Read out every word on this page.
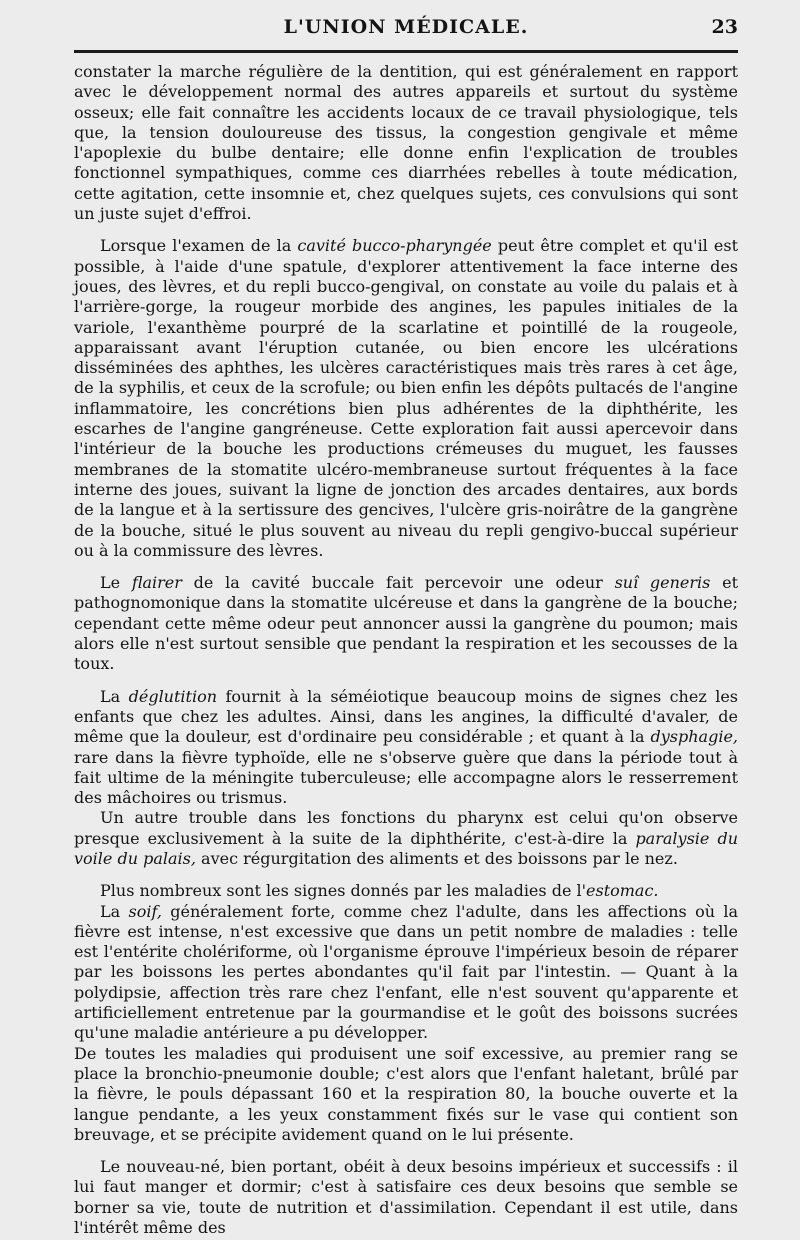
L'UNION MÉDICALE.	23

constater la marche régulière de la dentition, qui est généralement en rapport avec le développement normal des autres appareils et surtout du système osseux; elle fait connaître les accidents locaux de ce travail physiologique, tels que, la tension douloureuse des tissus, la congestion gengivale et même l'apoplexie du bulbe dentaire; elle donne enfin l'explication de troubles fonctionnel sympathiques, comme ces diarrhées rebelles à toute médication, cette agitation, cette insomnie et, chez quelques sujets, ces convulsions qui sont un juste sujet d'effroi.

Lorsque l'examen de la cavité bucco-pharyngée peut être complet et qu'il est possible, à l'aide d'une spatule, d'explorer attentivement la face interne des joues, des lèvres, et du repli bucco-gengival, on constate au voile du palais et à l'arrière-gorge, la rougeur morbide des angines, les papules initiales de la variole, l'exanthème pourpré de la scarlatine et pointillé de la rougeole, apparaissant avant l'éruption cutanée, ou bien encore les ulcérations disséminées des aphthes, les ulcères caractéristiques mais très rares à cet âge, de la syphilis, et ceux de la scrofule; ou bien enfin les dépôts pultacés de l'angine inflammatoire, les concrétions bien plus adhérentes de la diphthérite, les escarhes de l'angine gangréneuse. Cette exploration fait aussi apercevoir dans l'intérieur de la bouche les productions crémeuses du muguet, les fausses membranes de la stomatite ulcéro-membraneuse surtout fréquentes à la face interne des joues, suivant la ligne de jonction des arcades dentaires, aux bords de la langue et à la sertissure des gencives, l'ulcère gris-noirâtre de la gangrène de la bouche, situé le plus souvent au niveau du repli gengivo-buccal supérieur ou à la commissure des lèvres.

Le flairer de la cavité buccale fait percevoir une odeur suî generis et pathognomonique dans la stomatite ulcéreuse et dans la gangrène de la bouche; cependant cette même odeur peut annoncer aussi la gangrène du poumon; mais alors elle n'est surtout sensible que pendant la respiration et les secousses de la toux.

La déglutition fournit à la séméiotique beaucoup moins de signes chez les enfants que chez les adultes. Ainsi, dans les angines, la difficulté d'avaler, de même que la douleur, est d'ordinaire peu considérable ; et quant à la dysphagie, rare dans la fièvre typhoïde, elle ne s'observe guère que dans la période tout à fait ultime de la méningite tuberculeuse; elle accompagne alors le resserrement des mâchoires ou trismus.

Un autre trouble dans les fonctions du pharynx est celui qu'on observe presque exclusivement à la suite de la diphthérite, c'est-à-dire la paralysie du voile du palais, avec régurgitation des aliments et des boissons par le nez.

Plus nombreux sont les signes donnés par les maladies de l'estomac.

La soif, généralement forte, comme chez l'adulte, dans les affections où la fièvre est intense, n'est excessive que dans un petit nombre de maladies : telle est l'entérite cholériforme, où l'organisme éprouve l'impérieux besoin de réparer par les boissons les pertes abondantes qu'il fait par l'intestin. — Quant à la polydipsie, affection très rare chez l'enfant, elle n'est souvent qu'apparente et artificiellement entretenue par la gourmandise et le goût des boissons sucrées qu'une maladie antérieure a pu développer.

De toutes les maladies qui produisent une soif excessive, au premier rang se place la bronchio-pneumonie double; c'est alors que l'enfant haletant, brûlé par la fièvre, le pouls dépassant 160 et la respiration 80, la bouche ouverte et la langue pendante, a les yeux constamment fixés sur le vase qui contient son breuvage, et se précipite avidement quand on le lui présente.

Le nouveau-né, bien portant, obéit à deux besoins impérieux et successifs : il lui faut manger et dormir; c'est à satisfaire ces deux besoins que semble se borner sa vie, toute de nutrition et d'assimilation. Cependant il est utile, dans l'intérêt même des
